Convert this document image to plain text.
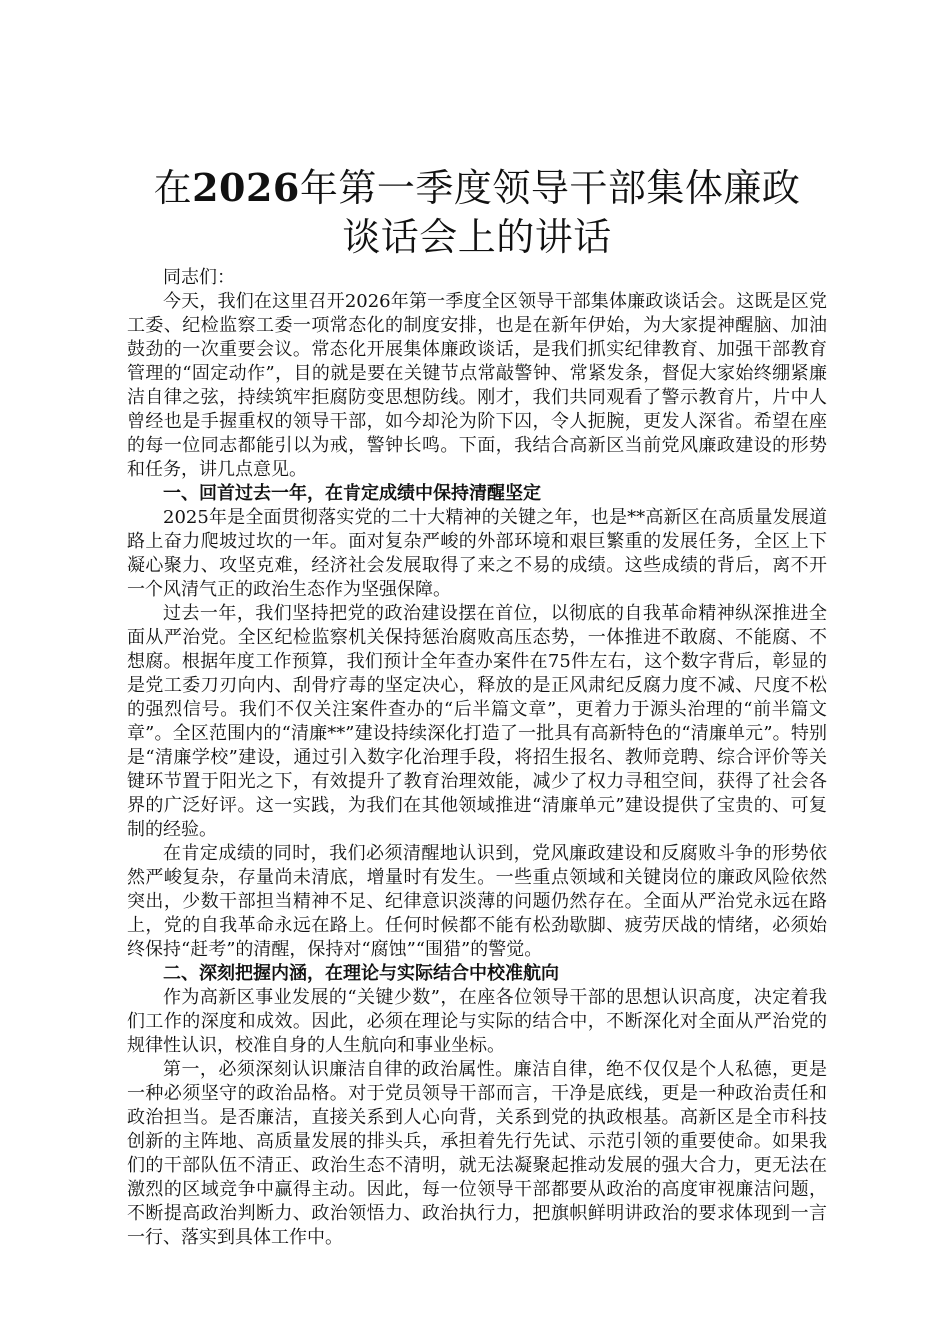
在2026年第一季度领导干部集体廉政谈话会上的讲话

同志们：

今天，我们在这里召开2026年第一季度全区领导干部集体廉政谈话会。这既是区党工委、纪检监察工委一项常态化的制度安排，也是在新年伊始，为大家提神醒脑、加油鼓劲的一次重要会议。常态化开展集体廉政谈话，是我们抓实纪律教育、加强干部教育管理的“固定动作”，目的就是要在关键节点常敲警钟、常紧发条，督促大家始终绷紧廉洁自律之弦，持续筑牢拒腐防变思想防线。刚才，我们共同观看了警示教育片，片中人曾经也是手握重权的领导干部，如今却沦为阶下囚，令人扼腕，更发人深省。希望在座的每一位同志都能引以为戒，警钟长鸣。下面，我结合高新区当前党风廉政建设的形势和任务，讲几点意见。

一、回首过去一年，在肯定成绩中保持清醒坚定

2025年是全面贯彻落实党的二十大精神的关键之年，也是**高新区在高质量发展道路上奋力爬坡过坎的一年。面对复杂严峻的外部环境和艰巨繁重的发展任务，全区上下凝心聚力、攻坚克难，经济社会发展取得了来之不易的成绩。这些成绩的背后，离不开一个风清气正的政治生态作为坚强保障。

过去一年，我们坚持把党的政治建设摆在首位，以彻底的自我革命精神纵深推进全面从严治党。全区纪检监察机关保持惩治腐败高压态势，一体推进不敢腐、不能腐、不想腐。根据年度工作预算，我们预计全年查办案件在75件左右，这个数字背后，彰显的是党工委刀刃向内、刮骨疗毒的坚定决心，释放的是正风肃纪反腐力度不减、尺度不松的强烈信号。我们不仅关注案件查办的“后半篇文章”，更着力于源头治理的“前半篇文章”。全区范围内的“清廉**”建设持续深化打造了一批具有高新特色的“清廉单元”。特别是“清廉学校”建设，通过引入数字化治理手段，将招生报名、教师竞聘、综合评价等关键环节置于阳光之下，有效提升了教育治理效能，减少了权力寻租空间，获得了社会各界的广泛好评。这一实践，为我们在其他领域推进“清廉单元”建设提供了宝贵的、可复制的经验。

在肯定成绩的同时，我们必须清醒地认识到，党风廉政建设和反腐败斗争的形势依然严峻复杂，存量尚未清底，增量时有发生。一些重点领域和关键岗位的廉政风险依然突出，少数干部担当精神不足、纪律意识淡薄的问题仍然存在。全面从严治党永远在路上，党的自我革命永远在路上。任何时候都不能有松劲歇脚、疲劳厌战的情绪，必须始终保持“赶考”的清醒，保持对“腐蚀”“围猎”的警觉。

二、深刻把握内涵，在理论与实际结合中校准航向

作为高新区事业发展的“关键少数”，在座各位领导干部的思想认识高度，决定着我们工作的深度和成效。因此，必须在理论与实际的结合中，不断深化对全面从严治党的规律性认识，校准自身的人生航向和事业坐标。

第一，必须深刻认识廉洁自律的政治属性。廉洁自律，绝不仅仅是个人私德，更是一种必须坚守的政治品格。对于党员领导干部而言，干净是底线，更是一种政治责任和政治担当。是否廉洁，直接关系到人心向背，关系到党的执政根基。高新区是全市科技创新的主阵地、高质量发展的排头兵，承担着先行先试、示范引领的重要使命。如果我们的干部队伍不清正、政治生态不清明，就无法凝聚起推动发展的强大合力，更无法在激烈的区域竞争中赢得主动。因此，每一位领导干部都要从政治的高度审视廉洁问题，不断提高政治判断力、政治领悟力、政治执行力，把旗帜鲜明讲政治的要求体现到一言一行、落实到具体工作中。
